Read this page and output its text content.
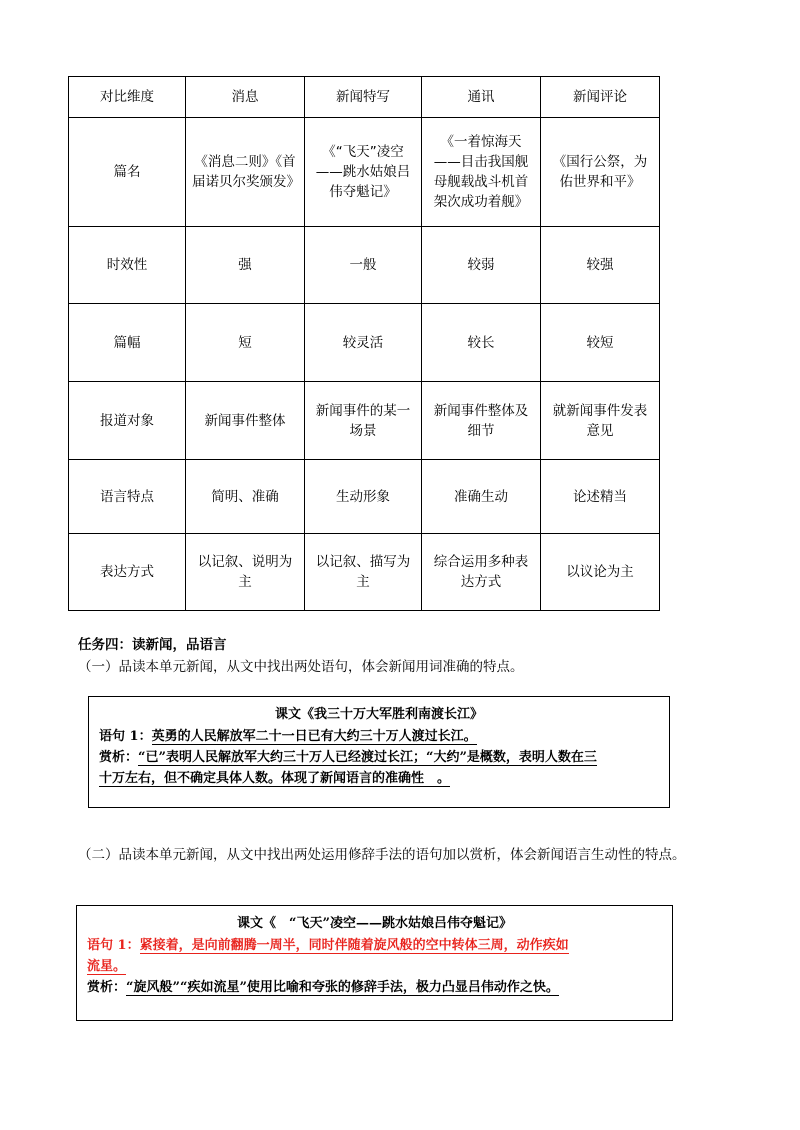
对比维度	消息	新闻特写	通讯	新闻评论
篇名	《消息二则》《首届诺贝尔奖颁发》	《“飞天”凌空——跳水姑娘吕伟夺魁记》	《一着惊海天——目击我国舰母舰载战斗机首架次成功着舰》	《国行公祭，为佑世界和平》
时效性	强	一般	较弱	较强
篇幅	短	较灵活	较长	较短
报道对象	新闻事件整体	新闻事件的某一场景	新闻事件整体及细节	就新闻事件发表意见
语言特点	简明、准确	生动形象	准确生动	论述精当
表达方式	以记叙、说明为主	以记叙、描写为主	综合运用多种表达方式	以议论为主
任务四：读新闻，品语言
（一）品读本单元新闻，从文中找出两处语句，体会新闻用词准确的特点。
课文《我三十万大军胜利南渡长江》
语句 1：英勇的人民解放军二十一日已有大约三十万人渡过长江。
赏析：“已”表明人民解放军大约三十万人已经渡过长江；“大约”是概数，表明人数在三
十万左右，但不确定具体人数。体现了新闻语言的准确性　。
（二）品读本单元新闻，从文中找出两处运用修辞手法的语句加以赏析，体会新闻语言生动性的特点。
课文《　“飞天”凌空——跳水姑娘吕伟夺魁记》
语句 1：紧接着，是向前翻腾一周半，同时伴随着旋风般的空中转体三周，动作疾如
流星。
赏析：“旋风般”“疾如流星”使用比喻和夸张的修辞手法，极力凸显吕伟动作之快。
